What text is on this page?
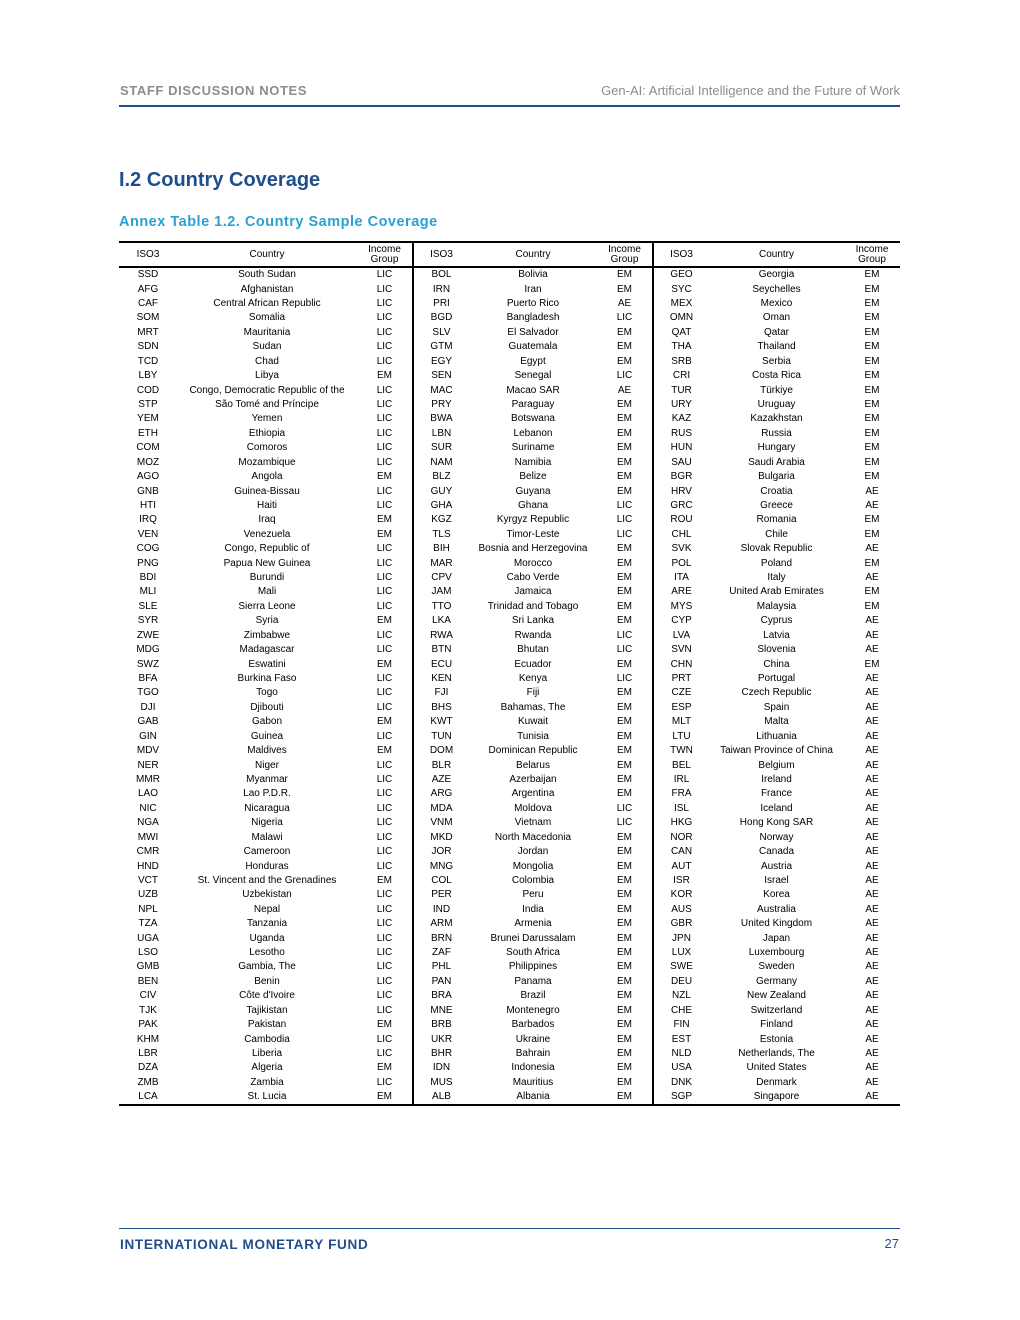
STAFF DISCUSSION NOTES	Gen-AI: Artificial Intelligence and the Future of Work
I.2 Country Coverage
Annex Table 1.2. Country Sample Coverage
ISO3	Country	Income Group	ISO3	Country	Income Group	ISO3	Country	Income Group
SSD	South Sudan	LIC	BOL	Bolivia	EM	GEO	Georgia	EM
AFG	Afghanistan	LIC	IRN	Iran	EM	SYC	Seychelles	EM
CAF	Central African Republic	LIC	PRI	Puerto Rico	AE	MEX	Mexico	EM
SOM	Somalia	LIC	BGD	Bangladesh	LIC	OMN	Oman	EM
MRT	Mauritania	LIC	SLV	El Salvador	EM	QAT	Qatar	EM
SDN	Sudan	LIC	GTM	Guatemala	EM	THA	Thailand	EM
TCD	Chad	LIC	EGY	Egypt	EM	SRB	Serbia	EM
LBY	Libya	EM	SEN	Senegal	LIC	CRI	Costa Rica	EM
COD	Congo, Democratic Republic of the	LIC	MAC	Macao SAR	AE	TUR	Türkiye	EM
STP	São Tomé and Príncipe	LIC	PRY	Paraguay	EM	URY	Uruguay	EM
YEM	Yemen	LIC	BWA	Botswana	EM	KAZ	Kazakhstan	EM
ETH	Ethiopia	LIC	LBN	Lebanon	EM	RUS	Russia	EM
COM	Comoros	LIC	SUR	Suriname	EM	HUN	Hungary	EM
MOZ	Mozambique	LIC	NAM	Namibia	EM	SAU	Saudi Arabia	EM
AGO	Angola	EM	BLZ	Belize	EM	BGR	Bulgaria	EM
GNB	Guinea-Bissau	LIC	GUY	Guyana	EM	HRV	Croatia	AE
HTI	Haiti	LIC	GHA	Ghana	LIC	GRC	Greece	AE
IRQ	Iraq	EM	KGZ	Kyrgyz Republic	LIC	ROU	Romania	EM
VEN	Venezuela	EM	TLS	Timor-Leste	LIC	CHL	Chile	EM
COG	Congo, Republic of	LIC	BIH	Bosnia and Herzegovina	EM	SVK	Slovak Republic	AE
PNG	Papua New Guinea	LIC	MAR	Morocco	EM	POL	Poland	EM
BDI	Burundi	LIC	CPV	Cabo Verde	EM	ITA	Italy	AE
MLI	Mali	LIC	JAM	Jamaica	EM	ARE	United Arab Emirates	EM
SLE	Sierra Leone	LIC	TTO	Trinidad and Tobago	EM	MYS	Malaysia	EM
SYR	Syria	EM	LKA	Sri Lanka	EM	CYP	Cyprus	AE
ZWE	Zimbabwe	LIC	RWA	Rwanda	LIC	LVA	Latvia	AE
MDG	Madagascar	LIC	BTN	Bhutan	LIC	SVN	Slovenia	AE
SWZ	Eswatini	EM	ECU	Ecuador	EM	CHN	China	EM
BFA	Burkina Faso	LIC	KEN	Kenya	LIC	PRT	Portugal	AE
TGO	Togo	LIC	FJI	Fiji	EM	CZE	Czech Republic	AE
DJI	Djibouti	LIC	BHS	Bahamas, The	EM	ESP	Spain	AE
GAB	Gabon	EM	KWT	Kuwait	EM	MLT	Malta	AE
GIN	Guinea	LIC	TUN	Tunisia	EM	LTU	Lithuania	AE
MDV	Maldives	EM	DOM	Dominican Republic	EM	TWN	Taiwan Province of China	AE
NER	Niger	LIC	BLR	Belarus	EM	BEL	Belgium	AE
MMR	Myanmar	LIC	AZE	Azerbaijan	EM	IRL	Ireland	AE
LAO	Lao P.D.R.	LIC	ARG	Argentina	EM	FRA	France	AE
NIC	Nicaragua	LIC	MDA	Moldova	LIC	ISL	Iceland	AE
NGA	Nigeria	LIC	VNM	Vietnam	LIC	HKG	Hong Kong SAR	AE
MWI	Malawi	LIC	MKD	North Macedonia	EM	NOR	Norway	AE
CMR	Cameroon	LIC	JOR	Jordan	EM	CAN	Canada	AE
HND	Honduras	LIC	MNG	Mongolia	EM	AUT	Austria	AE
VCT	St. Vincent and the Grenadines	EM	COL	Colombia	EM	ISR	Israel	AE
UZB	Uzbekistan	LIC	PER	Peru	EM	KOR	Korea	AE
NPL	Nepal	LIC	IND	India	EM	AUS	Australia	AE
TZA	Tanzania	LIC	ARM	Armenia	EM	GBR	United Kingdom	AE
UGA	Uganda	LIC	BRN	Brunei Darussalam	EM	JPN	Japan	AE
LSO	Lesotho	LIC	ZAF	South Africa	EM	LUX	Luxembourg	AE
GMB	Gambia, The	LIC	PHL	Philippines	EM	SWE	Sweden	AE
BEN	Benin	LIC	PAN	Panama	EM	DEU	Germany	AE
CIV	Côte d'Ivoire	LIC	BRA	Brazil	EM	NZL	New Zealand	AE
TJK	Tajikistan	LIC	MNE	Montenegro	EM	CHE	Switzerland	AE
PAK	Pakistan	EM	BRB	Barbados	EM	FIN	Finland	AE
KHM	Cambodia	LIC	UKR	Ukraine	EM	EST	Estonia	AE
LBR	Liberia	LIC	BHR	Bahrain	EM	NLD	Netherlands, The	AE
DZA	Algeria	EM	IDN	Indonesia	EM	USA	United States	AE
ZMB	Zambia	LIC	MUS	Mauritius	EM	DNK	Denmark	AE
LCA	St. Lucia	EM	ALB	Albania	EM	SGP	Singapore	AE
INTERNATIONAL MONETARY FUND	27
